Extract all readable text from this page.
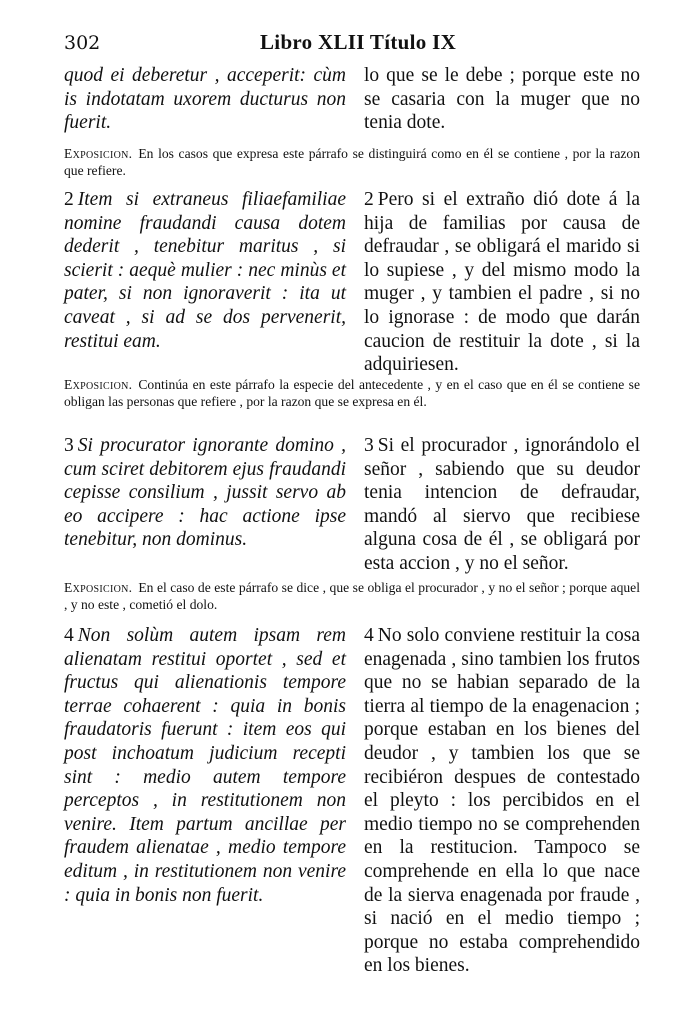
302	Libro XLII Título IX

quod ei deberetur , acceperit: cùm is indotatam uxorem ducturus non fuerit.

lo que se le debe ; porque este no se casaria con la muger que no tenia dote.

Exposicion. En los casos que expresa este párrafo se distinguirá como en él se contiene , por la razon que refiere.

2 Item si extraneus filiaefamiliae nomine fraudandi causa dotem dederit , tenebitur maritus , si scierit : aequè mulier : nec minùs et pater, si non ignoraverit : ita ut caveat , si ad se dos pervenerit, restitui eam.

2 Pero si el extraño dió dote á la hija de familias por causa de defraudar , se obligará el marido si lo supiese , y del mismo modo la muger , y tambien el padre , si no lo ignorase : de modo que darán caucion de restituir la dote , si la adquiriesen.

Exposicion. Continúa en este párrafo la especie del antecedente , y en el caso que en él se contiene se obligan las personas que refiere , por la razon que se expresa en él.

3 Si procurator ignorante domino , cum sciret debitorem ejus fraudandi cepisse consilium , jussit servo ab eo accipere : hac actione ipse tenebitur, non dominus.

3 Si el procurador , ignorándolo el señor , sabiendo que su deudor tenia intencion de defraudar, mandó al siervo que recibiese alguna cosa de él , se obligará por esta accion , y no el señor.

Exposicion. En el caso de este párrafo se dice , que se obliga el procurador , y no el señor ; porque aquel , y no este , cometió el dolo.

4 Non solùm autem ipsam rem alienatam restitui oportet , sed et fructus qui alienationis tempore terrae cohaerent : quia in bonis fraudatoris fuerunt : item eos qui post inchoatum judicium recepti sint : medio autem tempore perceptos , in restitutionem non venire. Item partum ancillae per fraudem alienatae , medio tempore editum , in restitutionem non venire : quia in bonis non fuerit.

4 No solo conviene restituir la cosa enagenada , sino tambien los frutos que no se habian separado de la tierra al tiempo de la enagenacion ; porque estaban en los bienes del deudor , y tambien los que se recibiéron despues de contestado el pleyto : los percibidos en el medio tiempo no se comprehenden en la restitucion. Tampoco se comprehende en ella lo que nace de la sierva enagenada por fraude , si nació en el medio tiempo ; porque no estaba comprehendido en los bienes.
